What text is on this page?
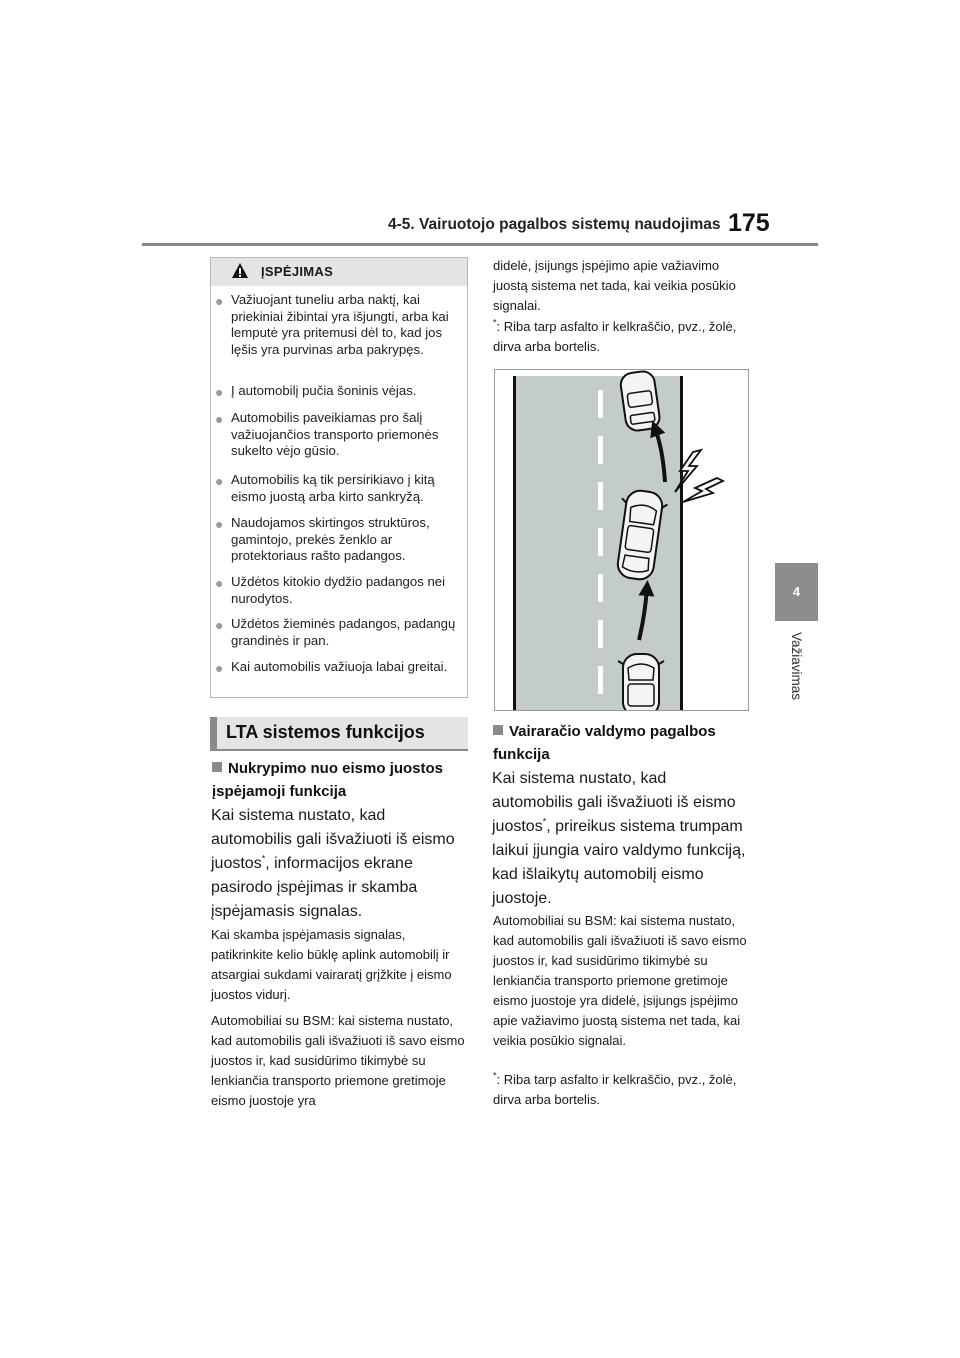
4-5. Vairuotojo pagalbos sistemų naudojimas 175
4
Važiavimas
ĮSPĖJIMAS
● Važiuojant tuneliu arba naktį, kai priekiniai žibintai yra išjungti, arba kai lemputė yra pritemusi dėl to, kad jos lęšis yra purvinas arba pakrypęs.
● Į automobilį pučia šoninis vėjas.
● Automobilis paveikiamas pro šalį važiuojančios transporto priemonės sukelto vėjo gūsio.
● Automobilis ką tik persirikiavo į kitą eismo juostą arba kirto sankryžą.
● Naudojamos skirtingos struktūros, gamintojo, prekės ženklo ar protektoriaus rašto padangos.
● Uždėtos kitokio dydžio padangos nei nurodytos.
● Uždėtos žieminės padangos, padangų grandinės ir pan.
● Kai automobilis važiuoja labai greitai.
LTA sistemos funkcijos
Nukrypimo nuo eismo juostos įspėjamoji funkcija
Kai sistema nustato, kad automobilis gali išvažiuoti iš eismo juostos*, informacijos ekrane pasirodo įspėjimas ir skamba įspėjamasis signalas.
Kai skamba įspėjamasis signalas, patikrinkite kelio būklę aplink automobilį ir atsargiai sukdami vairaratį grįžkite į eismo juostos vidurį.
Automobiliai su BSM: kai sistema nustato, kad automobilis gali išvažiuoti iš savo eismo juostos ir, kad susidūrimo tikimybė su lenkiančia transporto priemone gretimoje eismo juostoje yra
didelė, įsijungs įspėjimo apie važiavimo juostą sistema net tada, kai veikia posūkio signalai.
*: Riba tarp asfalto ir kelkraščio, pvz., žolė, dirva arba bortelis.
Vairaračio valdymo pagalbos funkcija
Kai sistema nustato, kad automobilis gali išvažiuoti iš eismo juostos*, prireikus sistema trumpam laikui įjungia vairo valdymo funkciją, kad išlaikytų automobilį eismo juostoje.
Automobiliai su BSM: kai sistema nustato, kad automobilis gali išvažiuoti iš savo eismo juostos ir, kad susidūrimo tikimybė su lenkiančia transporto priemone gretimoje eismo juostoje yra didelė, įsijungs įspėjimo apie važiavimo juostą sistema net tada, kai veikia posūkio signalai.
*: Riba tarp asfalto ir kelkraščio, pvz., žolė, dirva arba bortelis.
